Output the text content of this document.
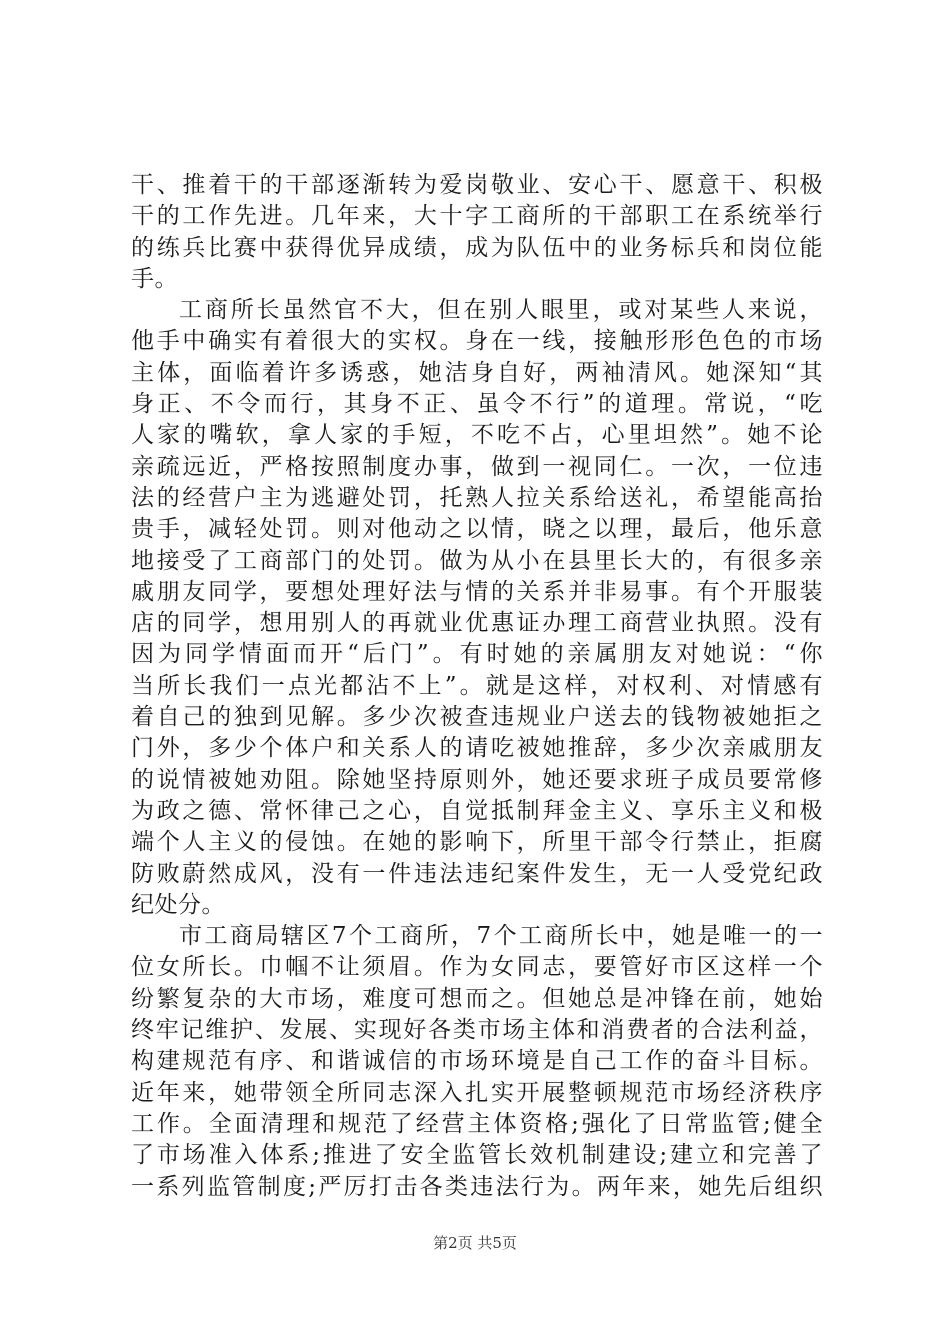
干、推着干的干部逐渐转为爱岗敬业、安心干、愿意干、积极
干的工作先进。几年来，大十字工商所的干部职工在系统举行
的练兵比赛中获得优异成绩，成为队伍中的业务标兵和岗位能
手。
工商所长虽然官不大，但在别人眼里，或对某些人来说，
他手中确实有着很大的实权。身在一线，接触形形色色的市场
主体，面临着许多诱惑，她洁身自好，两袖清风。她深知“其
身正、不令而行，其身不正、虽令不行”的道理。常说，“吃
人家的嘴软，拿人家的手短，不吃不占，心里坦然”。她不论
亲疏远近，严格按照制度办事，做到一视同仁。一次，一位违
法的经营户主为逃避处罚，托熟人拉关系给送礼，希望能高抬
贵手，减轻处罚。则对他动之以情，晓之以理，最后，他乐意
地接受了工商部门的处罚。做为从小在县里长大的，有很多亲
戚朋友同学，要想处理好法与情的关系并非易事。有个开服装
店的同学，想用别人的再就业优惠证办理工商营业执照。没有
因为同学情面而开“后门”。有时她的亲属朋友对她说：“你
当所长我们一点光都沾不上”。就是这样，对权利、对情感有
着自己的独到见解。多少次被查违规业户送去的钱物被她拒之
门外，多少个体户和关系人的请吃被她推辞，多少次亲戚朋友
的说情被她劝阻。除她坚持原则外，她还要求班子成员要常修
为政之德、常怀律己之心，自觉抵制拜金主义、享乐主义和极
端个人主义的侵蚀。在她的影响下，所里干部令行禁止，拒腐
防败蔚然成风，没有一件违法违纪案件发生，无一人受党纪政
纪处分。
市工商局辖区7个工商所，7个工商所长中，她是唯一的一
位女所长。巾帼不让须眉。作为女同志，要管好市区这样一个
纷繁复杂的大市场，难度可想而之。但她总是冲锋在前，她始
终牢记维护、发展、实现好各类市场主体和消费者的合法利益，
构建规范有序、和谐诚信的市场环境是自己工作的奋斗目标。
近年来，她带领全所同志深入扎实开展整顿规范市场经济秩序
工作。全面清理和规范了经营主体资格;强化了日常监管;健全
了市场准入体系;推进了安全监管长效机制建设;建立和完善了
一系列监管制度;严厉打击各类违法行为。两年来，她先后组织
第2页 共5页
